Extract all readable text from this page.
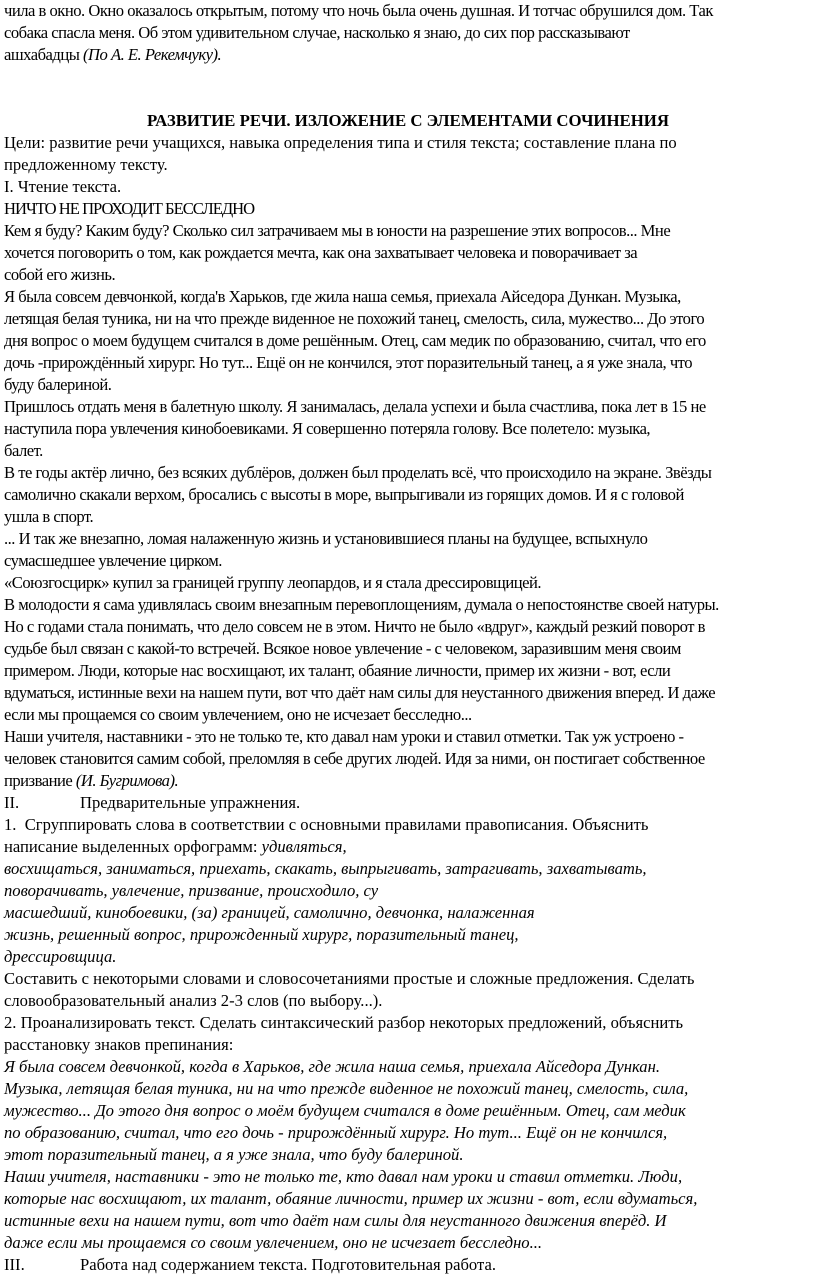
чила в окно. Окно оказалось открытым, потому что ночь была очень душная. И тотчас обрушился дом. Так

собака спасла меня. Об этом удивительном случае, насколько я знаю, до сих пор рассказывают

ашхабадцы (По А. Е. Рекемчуку).

РАЗВИТИЕ РЕЧИ. ИЗЛОЖЕНИЕ С ЭЛЕМЕНТАМИ СОЧИНЕНИЯ

Цели: развитие речи учащихся, навыка определения типа и стиля текста; составление плана по

предложенному тексту.

I. Чтение текста.

НИЧТО НЕ ПРОХОДИТ БЕССЛЕДНО

Кем я буду? Каким буду? Сколько сил затрачиваем мы в юности на разрешение этих вопросов... Мне

хочется поговорить о том, как рождается мечта, как она захватывает человека и поворачивает за

собой его жизнь.

Я была совсем девчонкой, когда'в Харьков, где жила наша семья, приехала Айседора Дункан. Музыка,

летящая белая туника, ни на что прежде виденное не похожий танец, смелость, сила, мужество... До этого

дня вопрос о моем будущем считался в доме решённым. Отец, сам медик по образованию, считал, что его

дочь -прирождённый хирург. Но тут... Ещё он не кончился, этот поразительный танец, а я уже знала, что

буду балериной.

Пришлось отдать меня в балетную школу. Я занималась, делала успехи и была счастлива, пока лет в 15 не

наступила пора увлечения кинобоевиками. Я совершенно потеряла голову. Все полетело: музыка,

балет.

В те годы актёр лично, без всяких дублёров, должен был проделать всё, что происходило на экране. Звёзды

самолично скакали верхом, бросались с высоты в море, выпрыгивали из горящих домов. И я с головой

ушла в спорт.

... И так же внезапно, ломая налаженную жизнь и установившиеся планы на будущее, вспыхнуло

сумасшедшее увлечение цирком.

«Союзгосцирк» купил за границей группу леопардов, и я стала дрессировщицей.

В молодости я сама удивлялась своим внезапным перевоплощениям, думала о непостоянстве своей натуры.

Но с годами стала понимать, что дело совсем не в этом. Ничто не было «вдруг», каждый резкий поворот в

судьбе был связан с какой-то встречей. Всякое новое увлечение - с человеком, заразившим меня своим

примером. Люди, которые нас восхищают, их талант, обаяние личности, пример их жизни - вот, если

вдуматься, истинные вехи на нашем пути, вот что даёт нам силы для неустанного движения вперед. И даже

если мы прощаемся со своим увлечением, оно не исчезает бесследно...

Наши учителя, наставники - это не только те, кто давал нам уроки и ставил отметки. Так уж устроено -

человек становится самим собой, преломляя в себе других людей. Идя за ними, он постигает собственное

призвание (И. Бугримова).

II.	Предварительные упражнения.

1.  Сгруппировать слова в соответствии с основными правилами правописания. Объяснить

написание выделенных орфограмм: удивляться,

восхищаться, заниматься, приехать, скакать, выпрыгивать, затрагивать, захватывать,

поворачивать, увлечение, призвание, происходило, су

масшедший, кинобоевики, (за) границей, самолично, девчонка, налаженная

жизнь, решенный вопрос, прирожденный хирург, поразительный танец,

дрессировщица.

Составить с некоторыми словами и словосочетаниями простые и сложные предложения. Сделать

словообразовательный анализ 2-3 слов (по выбору...).

2. Проанализировать текст. Сделать синтаксический разбор некоторых предложений, объяснить

расстановку знаков препинания:

Я была совсем девчонкой, когда в Харьков, где жила наша семья, приехала Айседора Дункан.

Музыка, летящая белая туника, ни на что прежде виденное не похожий танец, смелость, сила,

мужество... До этого дня вопрос о моём будущем считался в доме решённым. Отец, сам медик

по образованию, считал, что его дочь - прирождённый хирург. Но тут... Ещё он не кончился,

этот поразительный танец, а я уже знала, что буду балериной.

Наши учителя, наставники - это не только те, кто давал нам уроки и ставил отметки. Люди,

которые нас восхищают, их талант, обаяние личности, пример их жизни - вот, если вдуматься,

истинные вехи на нашем пути, вот что даёт нам силы для неустанного движения вперёд. И

даже если мы прощаемся со своим увлечением, оно не исчезает бесследно...

III.	Работа над содержанием текста. Подготовительная работа.
